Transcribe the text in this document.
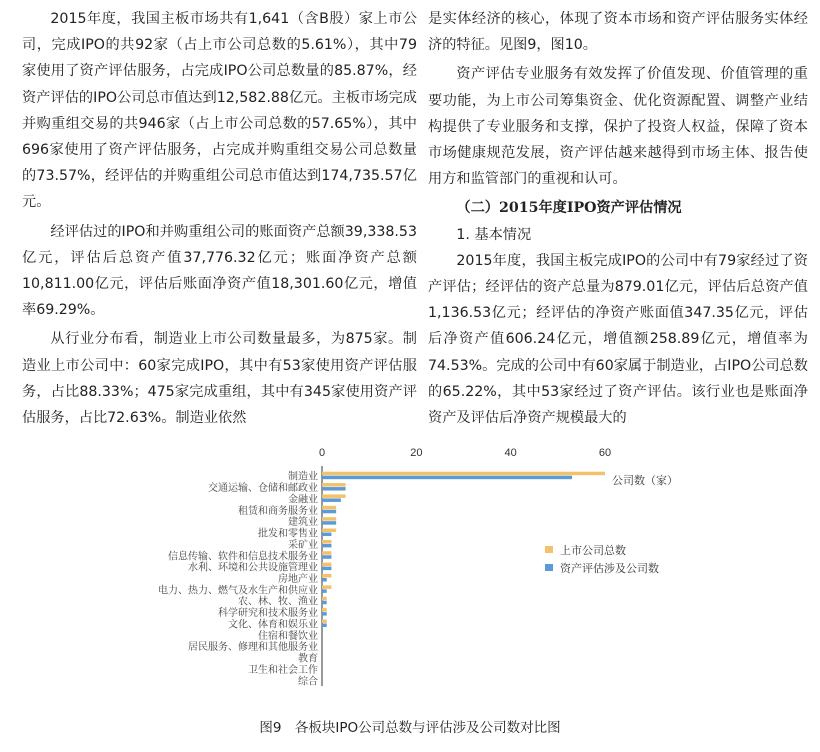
2015年度，我国主板市场共有1,641（含B股）家上市公司，完成IPO的共92家（占上市公司总数的5.61%），其中79家使用了资产评估服务，占完成IPO公司总数量的85.87%，经资产评估的IPO公司总市值达到12,582.88亿元。主板市场完成并购重组交易的共946家（占上市公司总数的57.65%），其中696家使用了资产评估服务，占完成并购重组交易公司总数量的73.57%，经评估的并购重组公司总市值达到174,735.57亿元。

经评估过的IPO和并购重组公司的账面资产总额39,338.53亿元，评估后总资产值37,776.32亿元；账面净资产总额10,811.00亿元，评估后账面净资产值18,301.60亿元，增值率69.29%。

从行业分布看，制造业上市公司数量最多，为875家。制造业上市公司中：60家完成IPO，其中有53家使用资产评估服务，占比88.33%；475家完成重组，其中有345家使用资产评估服务，占比72.63%。制造业依然

是实体经济的核心，体现了资本市场和资产评估服务实体经济的特征。见图9，图10。

资产评估专业服务有效发挥了价值发现、价值管理的重要功能，为上市公司筹集资金、优化资源配置、调整产业结构提供了专业服务和支撑，保护了投资人权益，保障了资本市场健康规范发展，资产评估越来越得到市场主体、报告使用方和监管部门的重视和认可。

（二）2015年度IPO资产评估情况

1. 基本情况

2015年度，我国主板完成IPO的公司中有79家经过了资产评估；经评估的资产总量为879.01亿元，评估后总资产值1,136.53亿元；经评估的净资产账面值347.35亿元，评估后净资产值606.24亿元，增值额258.89亿元，增值率为74.53%。完成的公司中有60家属于制造业，占IPO公司总数的65.22%，其中53家经过了资产评估。该行业也是账面净资产及评估后净资产规模最大的

0	20	40	60
制造业
交通运输、仓储和邮政业
金融业
租赁和商务服务业
建筑业
批发和零售业
采矿业
信息传输、软件和信息技术服务业
水利、环境和公共设施管理业
房地产业
电力、热力、燃气及水生产和供应业
农、林、牧、渔业
科学研究和技术服务业
文化、体育和娱乐业
住宿和餐饮业
居民服务、修理和其他服务业
教育
卫生和社会工作
综合
公司数（家）
上市公司总数
资产评估涉及公司数
图9　各板块IPO公司总数与评估涉及公司数对比图
